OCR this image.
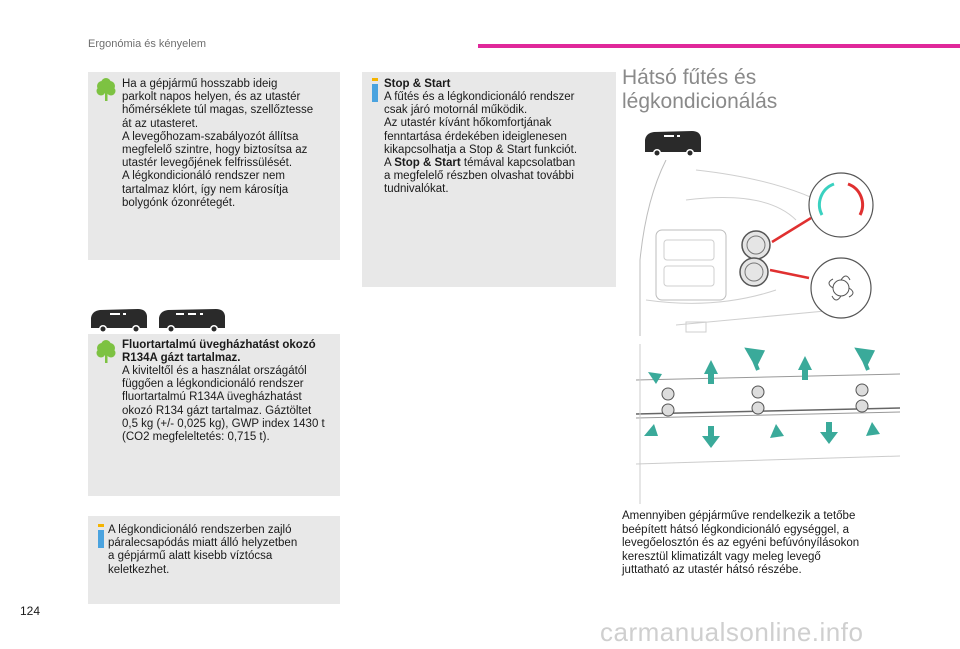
Ergonómia és kényelem
Ha a gépjármű hosszabb ideig
parkolt napos helyen, és az utastér
hőmérséklete túl magas, szellőztesse
át az utasteret.
A levegőhozam-szabályozót állítsa
megfelelő szintre, hogy biztosítsa az
utastér levegőjének felfrissülését.
A légkondicionáló rendszer nem
tartalmaz klórt, így nem károsítja
bolygónk ózonrétegét.
Fluortartalmú üvegházhatást okozó
R134A gázt tartalmaz.
A kiviteltől és a használat országától
függően a légkondicionáló rendszer
fluortartalmú R134A üvegházhatást
okozó R134 gázt tartalmaz. Gáztöltet
0,5 kg (+/- 0,025 kg), GWP index 1430 t
(CO2 megfeleltetés: 0,715 t).
A légkondicionáló rendszerben zajló
páralecsapódás miatt álló helyzetben
a gépjármű alatt kisebb víztócsa
keletkezhet.
Stop & Start
A fűtés és a légkondicionáló rendszer
csak járó motornál működik.
Az utastér kívánt hőkomfortjának
fenntartása érdekében ideiglenesen
kikapcsolhatja a Stop & Start funkciót.
A Stop & Start témával kapcsolatban
a megfelelő részben olvashat további
tudnivalókat.
Hátsó fűtés és
légkondicionálás
Amennyiben gépjárműve rendelkezik a tetőbe
beépített hátsó légkondicionáló egységgel, a
levegőelosztón és az egyéni befúvónyílásokon
keresztül klimatizált vagy meleg levegő
juttatható az utastér hátsó részébe.
124
carmanualsonline.info
